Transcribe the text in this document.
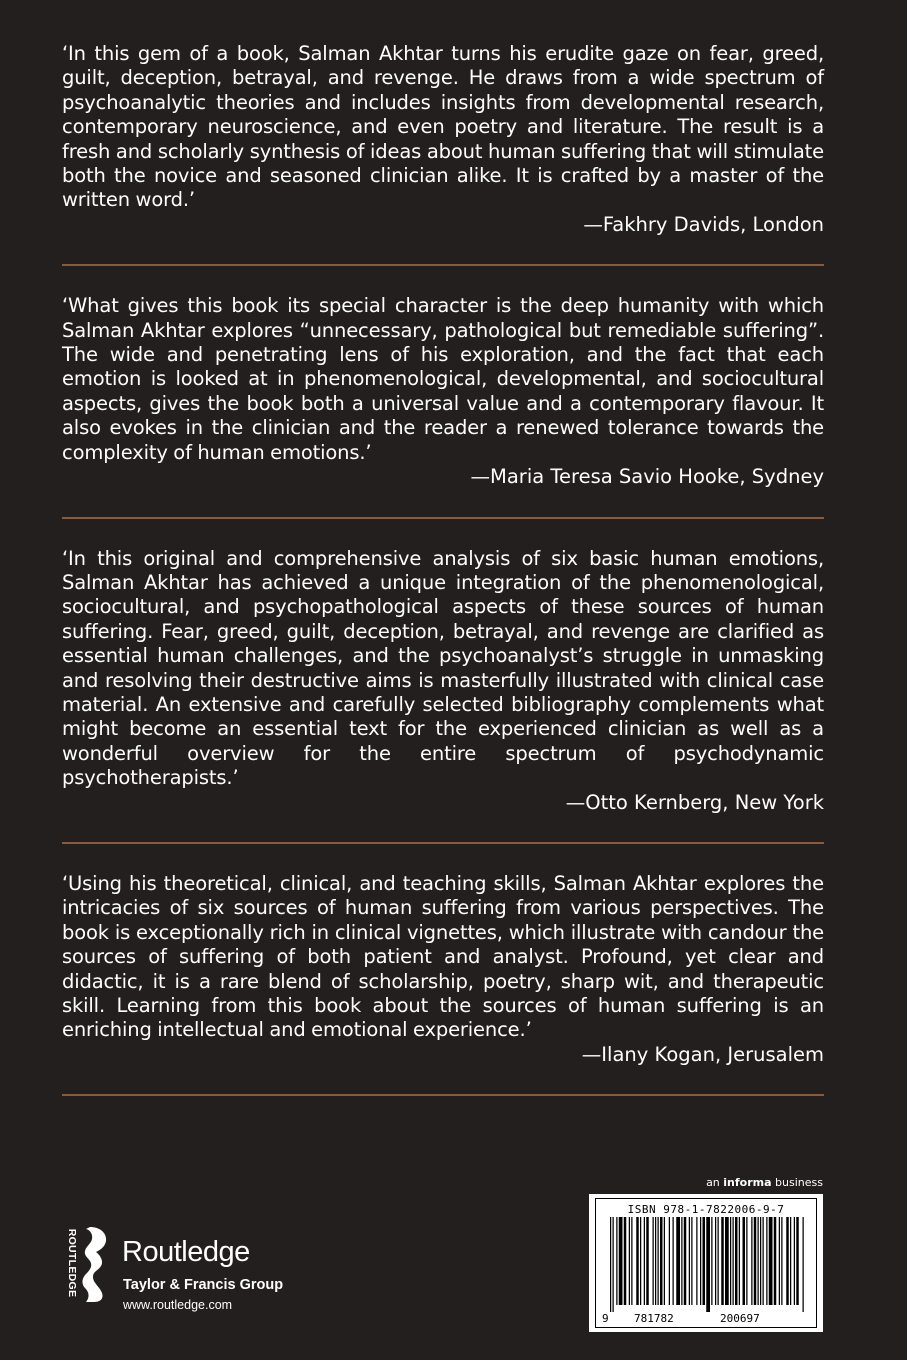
‘In this gem of a book, Salman Akhtar turns his erudite gaze on fear, greed, guilt, deception, betrayal, and revenge. He draws from a wide spectrum of psychoanalytic theories and includes insights from developmental research, contemporary neuroscience, and even poetry and literature. The result is a fresh and scholarly synthesis of ideas about human suffering that will stimulate both the novice and seasoned clinician alike. It is crafted by a master of the written word.’

—Fakhry Davids, London

‘What gives this book its special character is the deep humanity with which Salman Akhtar explores “unnecessary, pathological but remediable suffering”. The wide and penetrating lens of his exploration, and the fact that each emotion is looked at in phenomenological, developmental, and sociocultural aspects, gives the book both a universal value and a contemporary flavour. It also evokes in the clinician and the reader a renewed tolerance towards the complexity of human emotions.’

—Maria Teresa Savio Hooke, Sydney

‘In this original and comprehensive analysis of six basic human emotions, Salman Akhtar has achieved a unique integration of the phenomenological, sociocultural, and psychopathological aspects of these sources of human suffering. Fear, greed, guilt, deception, betrayal, and revenge are clarified as essential human challenges, and the psychoanalyst’s struggle in unmasking and resolving their destructive aims is masterfully illustrated with clinical case material. An extensive and carefully selected bibliography complements what might become an essential text for the experienced clinician as well as a wonderful overview for the entire spectrum of psychodynamic psychotherapists.’

—Otto Kernberg, New York

‘Using his theoretical, clinical, and teaching skills, Salman Akhtar explores the intricacies of six sources of human suffering from various perspectives. The book is exceptionally rich in clinical vignettes, which illustrate with candour the sources of suffering of both patient and analyst. Profound, yet clear and didactic, it is a rare blend of scholarship, poetry, sharp wit, and therapeutic skill. Learning from this book about the sources of human suffering is an enriching intellectual and emotional experience.’

—Ilany Kogan, Jerusalem

an informa business
ISBN 978-1-7822006-9-7
9 781782	200697
ROUTLEDGE Routledge
Taylor & Francis Group
www.routledge.com
